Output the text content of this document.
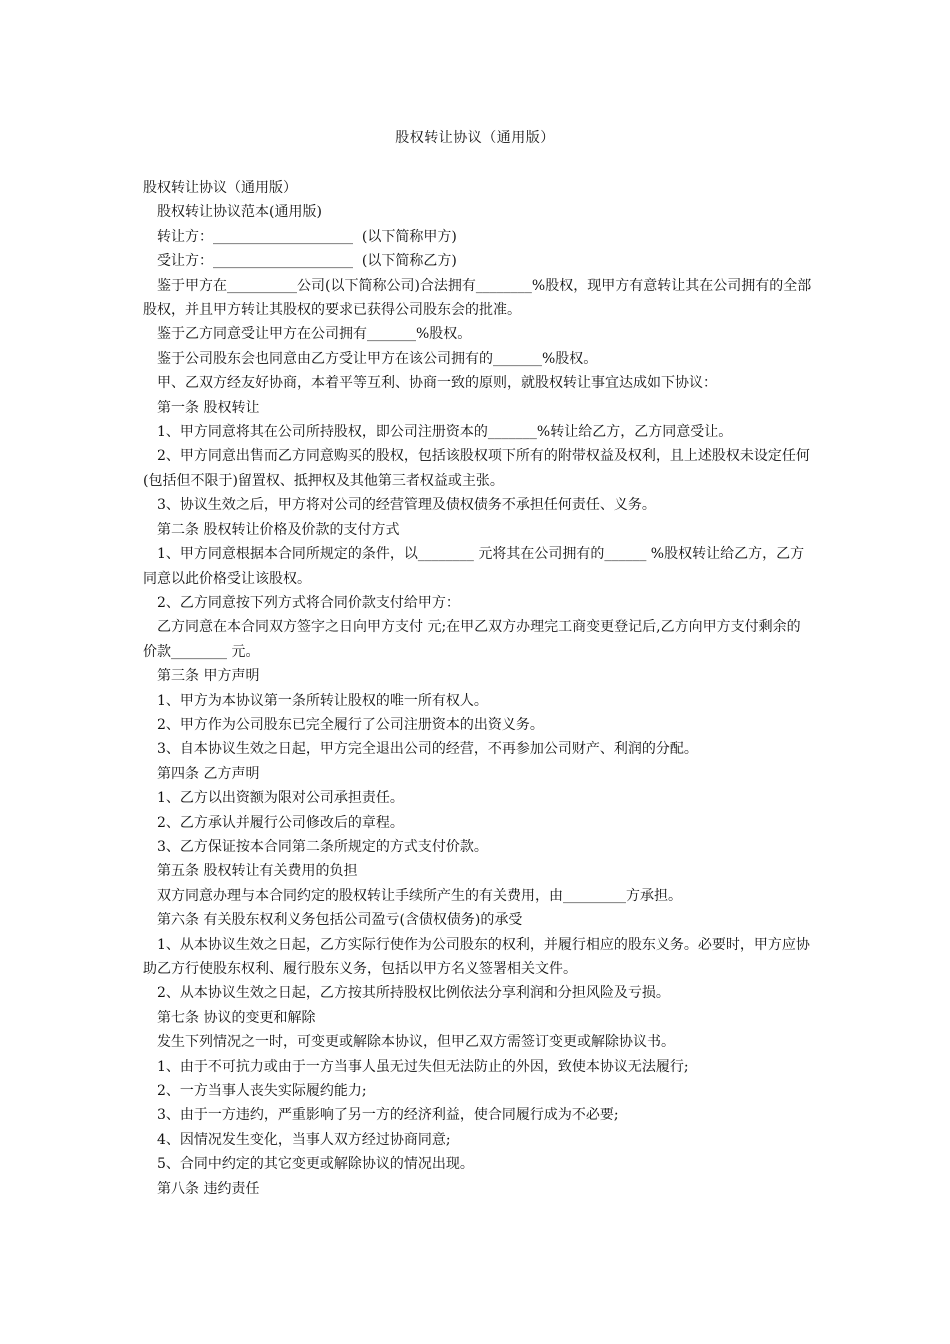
股权转让协议（通用版）

股权转让协议（通用版）

股权转让协议范本(通用版)

转让方：____________________  (以下简称甲方)

受让方：____________________  (以下简称乙方)

鉴于甲方在__________公司(以下简称公司)合法拥有________%股权，现甲方有意转让其在公司拥有的全部股权，并且甲方转让其股权的要求已获得公司股东会的批准。

鉴于乙方同意受让甲方在公司拥有_______%股权。

鉴于公司股东会也同意由乙方受让甲方在该公司拥有的_______%股权。

甲、乙双方经友好协商，本着平等互利、协商一致的原则，就股权转让事宜达成如下协议：

第一条 股权转让

1、甲方同意将其在公司所持股权，即公司注册资本的_______%转让给乙方，乙方同意受让。

2、甲方同意出售而乙方同意购买的股权，包括该股权项下所有的附带权益及权利，且上述股权未设定任何(包括但不限于)留置权、抵押权及其他第三者权益或主张。

3、协议生效之后，甲方将对公司的经营管理及债权债务不承担任何责任、义务。

第二条 股权转让价格及价款的支付方式

1、甲方同意根据本合同所规定的条件，以________ 元将其在公司拥有的______ %股权转让给乙方，乙方同意以此价格受让该股权。

2、乙方同意按下列方式将合同价款支付给甲方：

乙方同意在本合同双方签字之日向甲方支付 元;在甲乙双方办理完工商变更登记后,乙方向甲方支付剩余的价款________ 元。

第三条 甲方声明

1、甲方为本协议第一条所转让股权的唯一所有权人。

2、甲方作为公司股东已完全履行了公司注册资本的出资义务。

3、自本协议生效之日起，甲方完全退出公司的经营，不再参加公司财产、利润的分配。

第四条 乙方声明

1、乙方以出资额为限对公司承担责任。

2、乙方承认并履行公司修改后的章程。

3、乙方保证按本合同第二条所规定的方式支付价款。

第五条 股权转让有关费用的负担

双方同意办理与本合同约定的股权转让手续所产生的有关费用，由_________方承担。

第六条 有关股东权利义务包括公司盈亏(含债权债务)的承受

1、从本协议生效之日起，乙方实际行使作为公司股东的权利，并履行相应的股东义务。必要时，甲方应协助乙方行使股东权利、履行股东义务，包括以甲方名义签署相关文件。

2、从本协议生效之日起，乙方按其所持股权比例依法分享利润和分担风险及亏损。

第七条 协议的变更和解除

发生下列情况之一时，可变更或解除本协议，但甲乙双方需签订变更或解除协议书。

1、由于不可抗力或由于一方当事人虽无过失但无法防止的外因，致使本协议无法履行;

2、一方当事人丧失实际履约能力;

3、由于一方违约，严重影响了另一方的经济利益，使合同履行成为不必要;

4、因情况发生变化，当事人双方经过协商同意;

5、合同中约定的其它变更或解除协议的情况出现。

第八条 违约责任
